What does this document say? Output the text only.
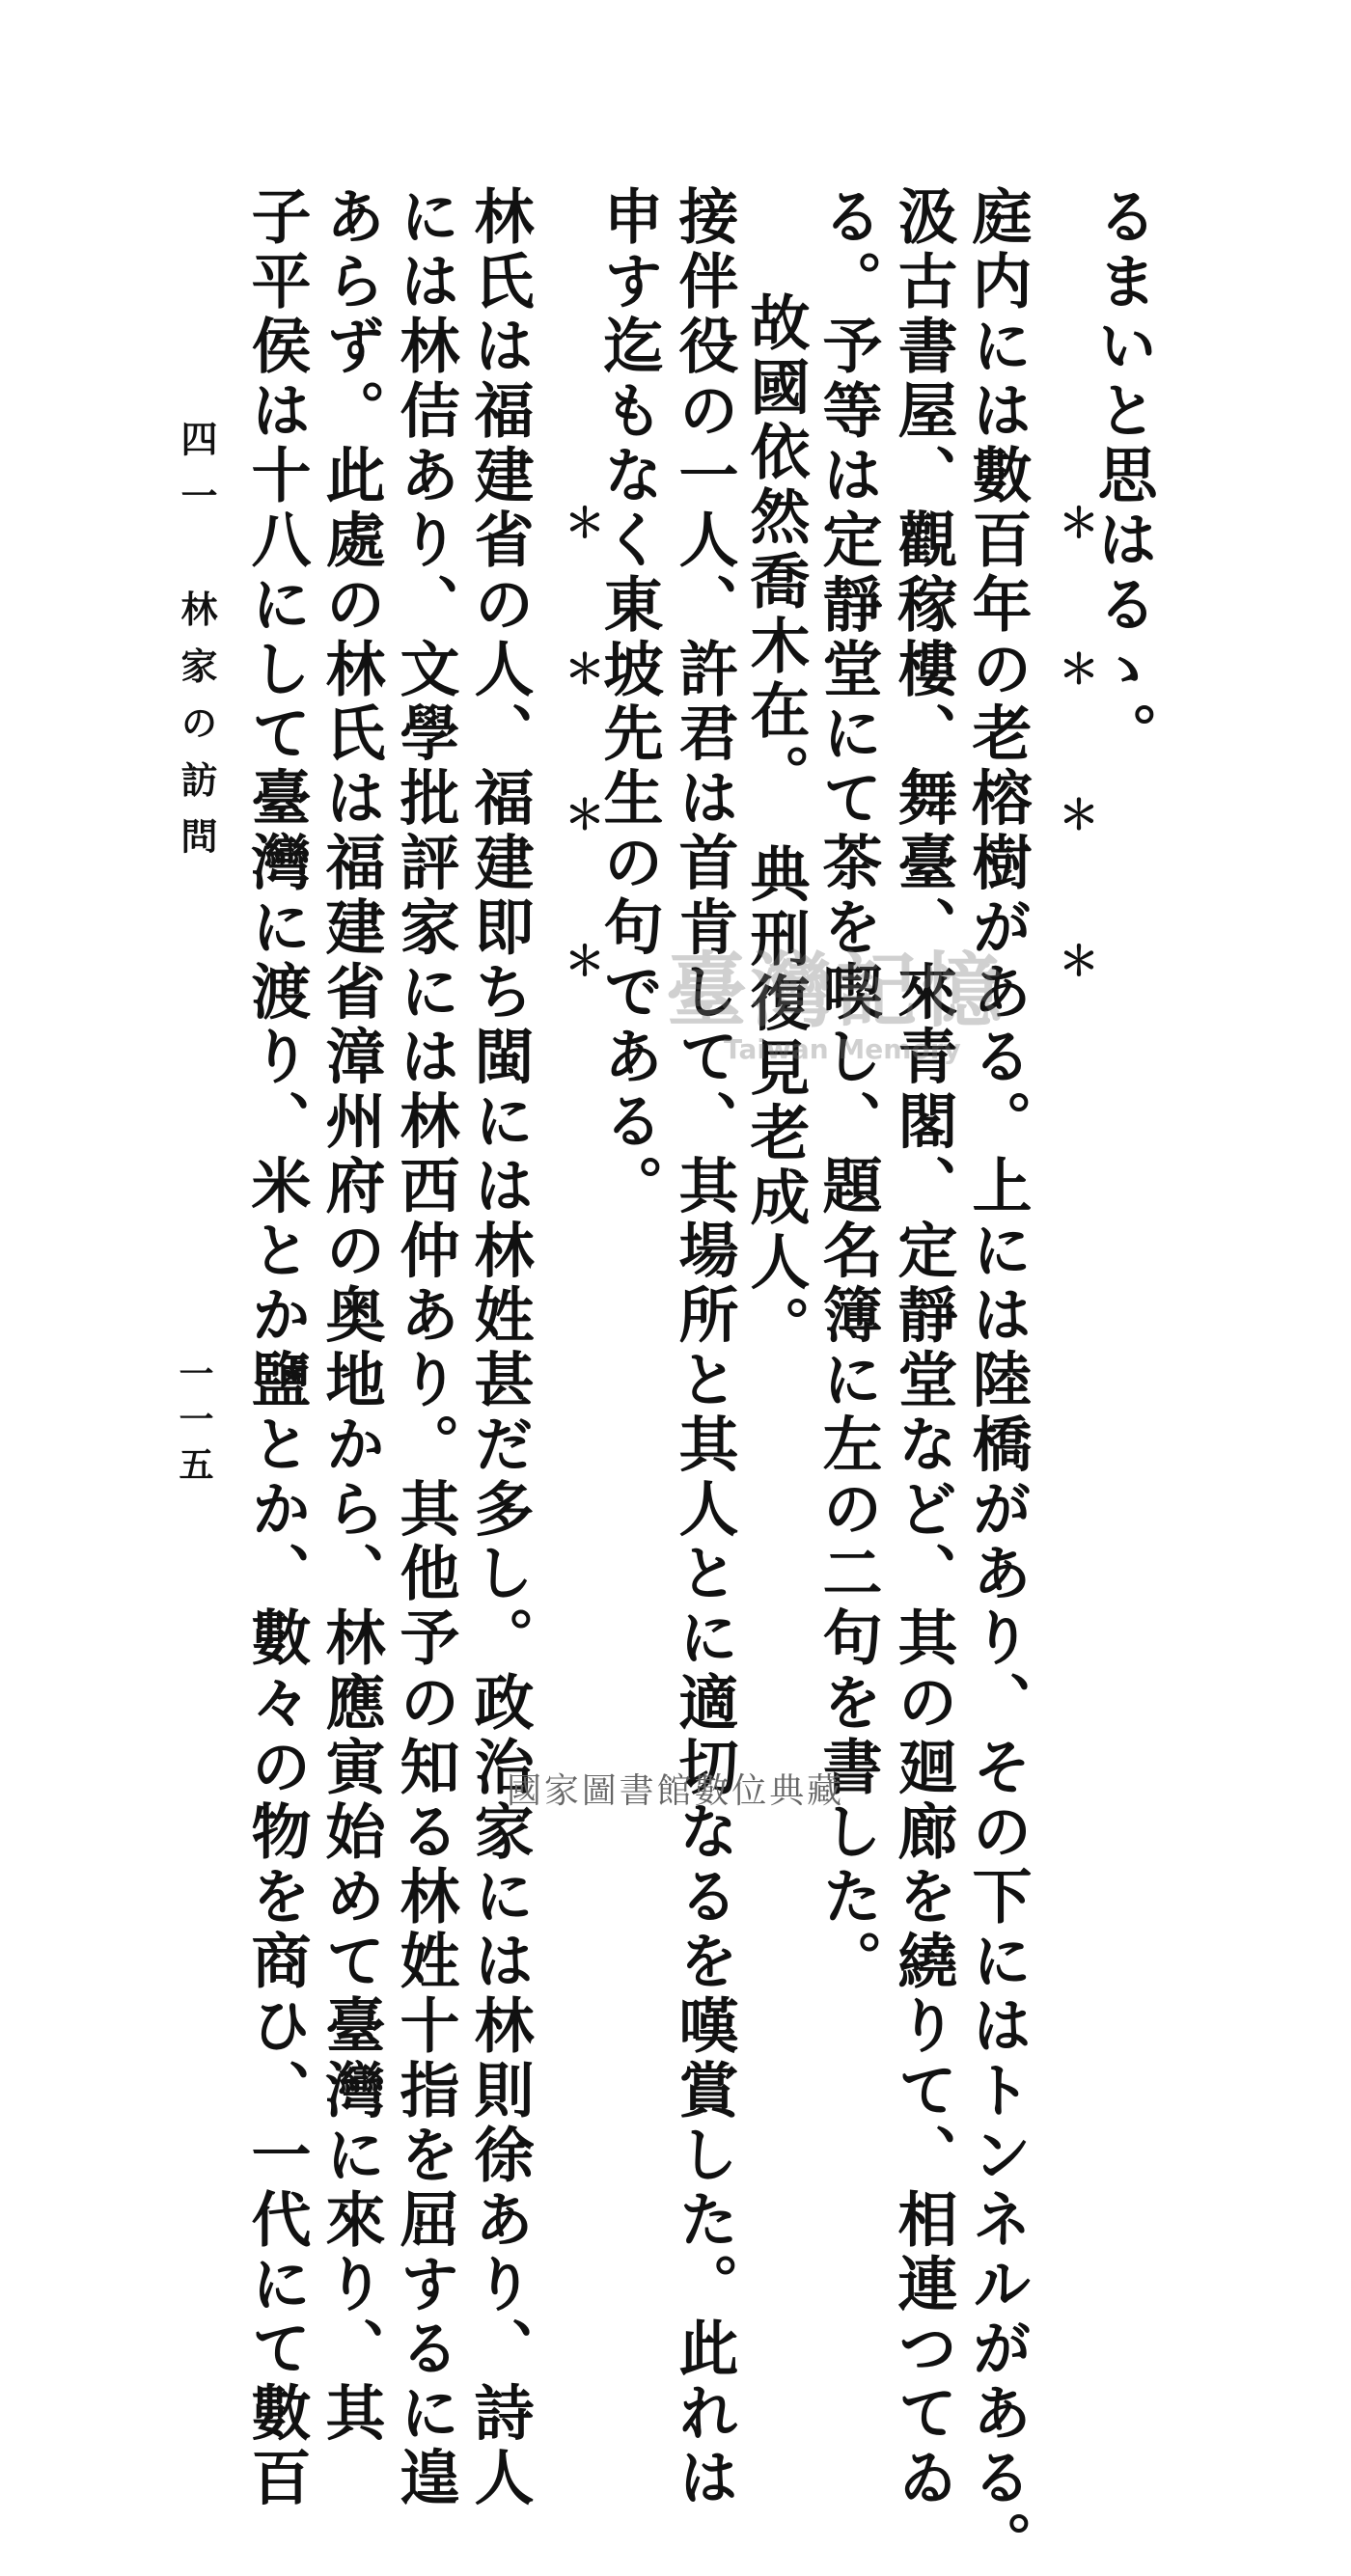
るまいと思はるゝ。
＊＊＊＊
庭内には數百年の老榕樹がある。上には陸橋があり、その下にはトンネルがある。
汲古書屋、觀稼樓、舞臺、來青閣、定靜堂など、其の廻廊を繞りて、相連つてゐ
る。予等は定靜堂にて茶を喫し、題名簿に左の二句を書した。
故國依然喬木在。　典刑復見老成人。
接伴役の一人、許君は首肯して、其場所と其人とに適切なるを嘆賞した。此れは
申す迄もなく東坡先生の句である。
＊＊＊＊
林氏は福建省の人、福建即ち閩には林姓甚だ多し。政治家には林則徐あり、詩人
には林佶あり、文學批評家には林西仲あり。其他予の知る林姓十指を屈するに遑
あらず。此處の林氏は福建省漳州府の奥地から、林應寅始めて臺灣に來り、其
子平侯は十八にして臺灣に渡り、米とか鹽とか、數々の物を商ひ、一代にて數百
四一　林家の訪問
一一五
臺灣記憶
Taiwan Memory
國家圖書館數位典藏
